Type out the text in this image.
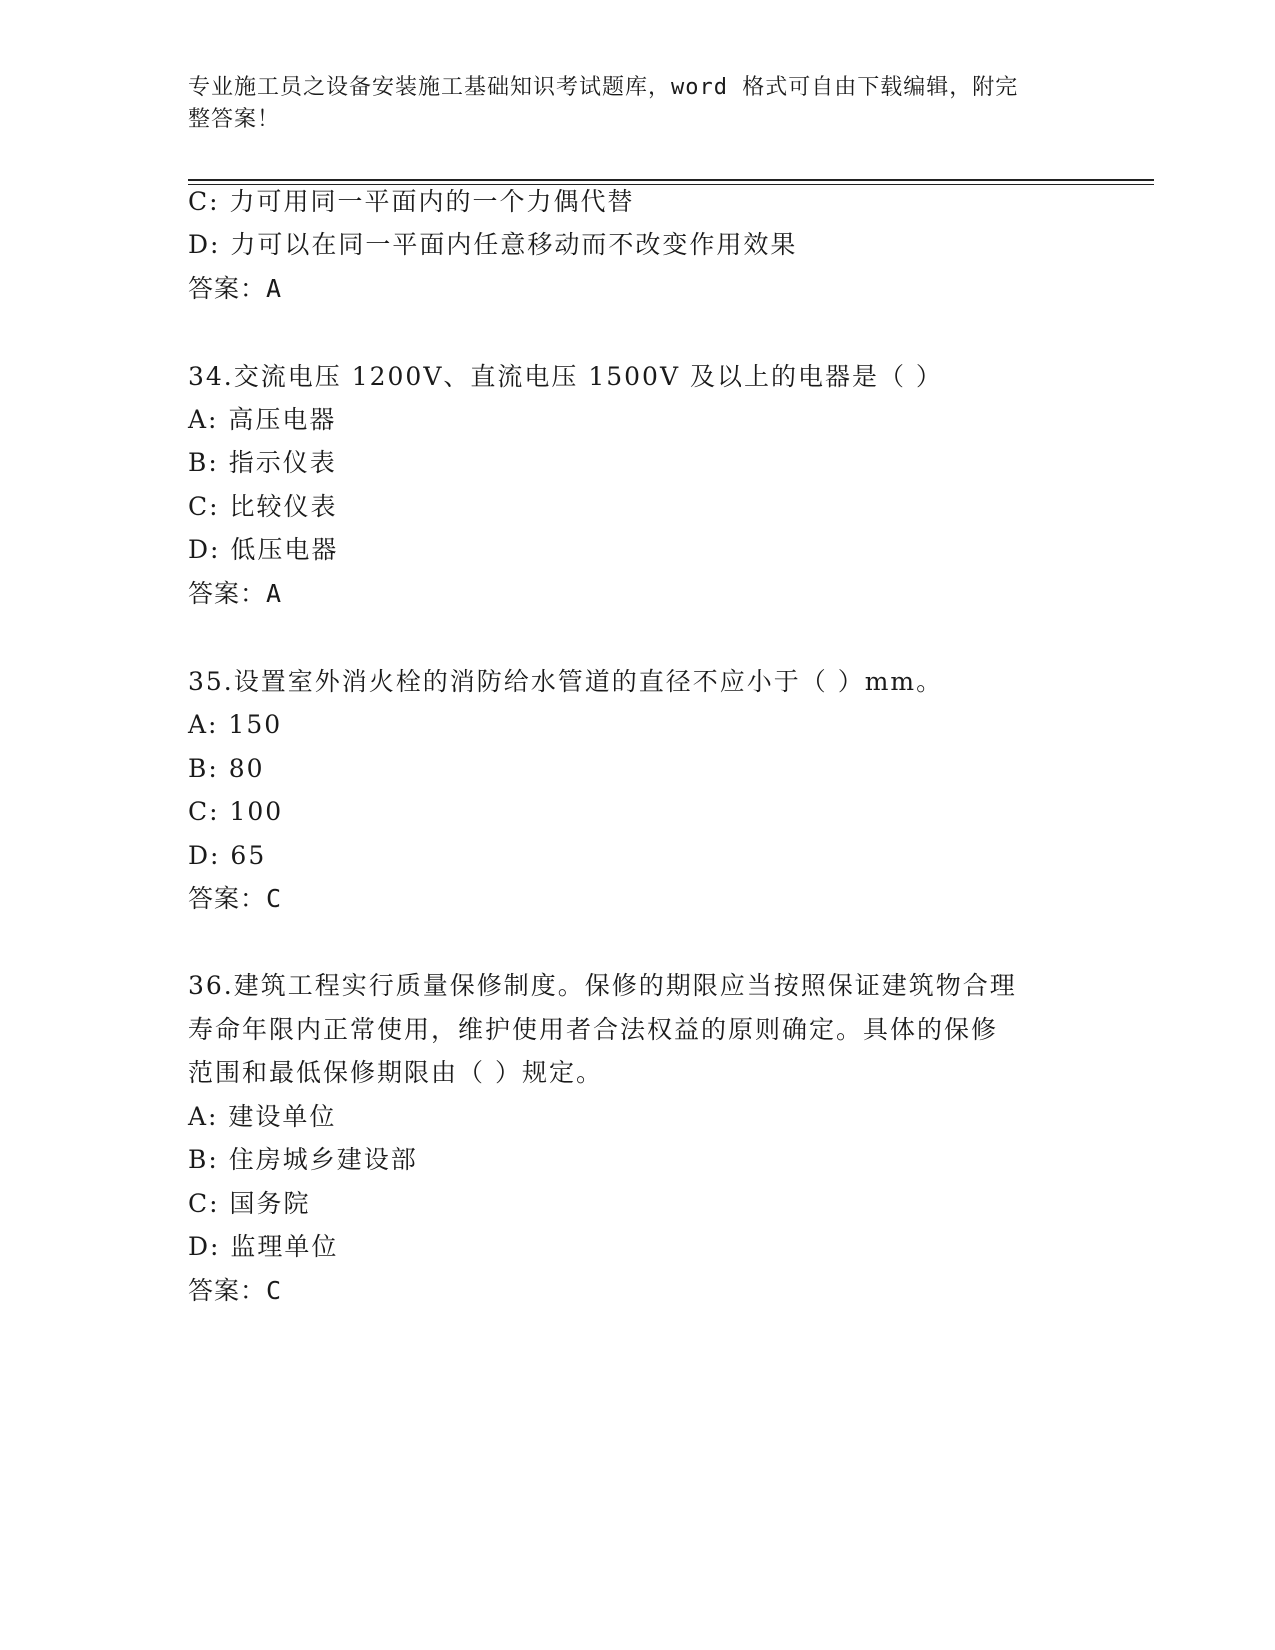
专业施工员之设备安装施工基础知识考试题库，word 格式可自由下载编辑，附完
整答案！
C: 力可用同一平面内的一个力偶代替
D: 力可以在同一平面内任意移动而不改变作用效果
答案：A
34.交流电压 1200V、直流电压 1500V 及以上的电器是（ ）
A: 高压电器
B: 指示仪表
C: 比较仪表
D: 低压电器
答案：A
35.设置室外消火栓的消防给水管道的直径不应小于（ ）mm。
A: 150
B: 80
C: 100
D: 65
答案：C
36.建筑工程实行质量保修制度。保修的期限应当按照保证建筑物合理
寿命年限内正常使用，维护使用者合法权益的原则确定。具体的保修
范围和最低保修期限由（ ）规定。
A: 建设单位
B: 住房城乡建设部
C: 国务院
D: 监理单位
答案：C
